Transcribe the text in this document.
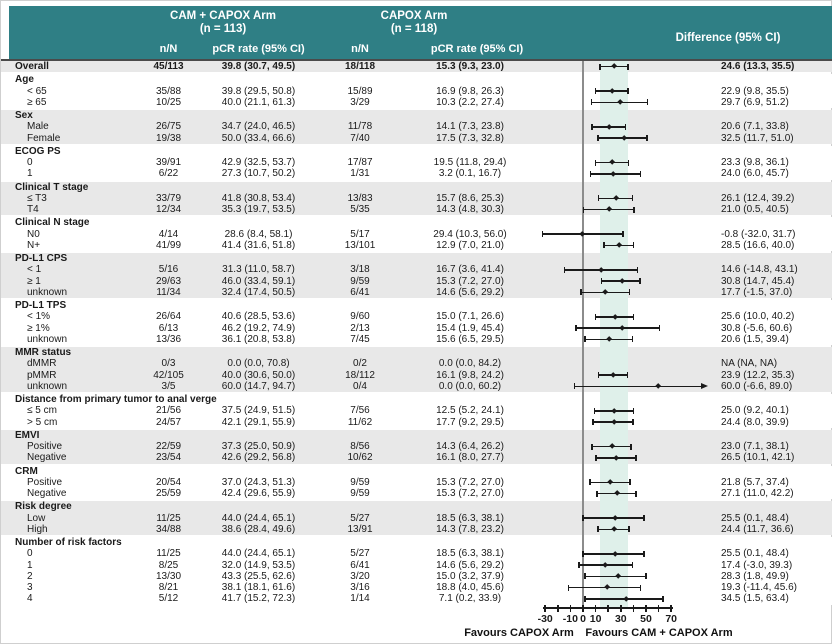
CAM + CAPOX Arm
(n = 113)
CAPOX Arm
(n = 118)
Difference (95% CI)
n/N	pCR rate (95% CI)	n/N	pCR rate (95% CI)
Overall	45/113	39.8 (30.7, 49.5)	18/118	15.3 (9.3, 23.0)	24.6 (13.3, 35.5)
Age
< 65	35/88	39.8 (29.5, 50.8)	15/89	16.9 (9.8, 26.3)	22.9 (9.8, 35.5)
≥ 65	10/25	40.0 (21.1, 61.3)	3/29	10.3 (2.2, 27.4)	29.7 (6.9, 51.2)
Sex
Male	26/75	34.7 (24.0, 46.5)	11/78	14.1 (7.3, 23.8)	20.6 (7.1, 33.8)
Female	19/38	50.0 (33.4, 66.6)	7/40	17.5 (7.3, 32.8)	32.5 (11.7, 51.0)
ECOG PS
0	39/91	42.9 (32.5, 53.7)	17/87	19.5 (11.8, 29.4)	23.3 (9.8, 36.1)
1	6/22	27.3 (10.7, 50.2)	1/31	3.2 (0.1, 16.7)	24.0 (6.0, 45.7)
Clinical T stage
≤ T3	33/79	41.8 (30.8, 53.4)	13/83	15.7 (8.6, 25.3)	26.1 (12.4, 39.2)
T4	12/34	35.3 (19.7, 53.5)	5/35	14.3 (4.8, 30.3)	21.0 (0.5, 40.5)
Clinical N stage
N0	4/14	28.6 (8.4, 58.1)	5/17	29.4 (10.3, 56.0)	-0.8 (-32.0, 31.7)
N+	41/99	41.4 (31.6, 51.8)	13/101	12.9 (7.0, 21.0)	28.5 (16.6, 40.0)
PD-L1 CPS
< 1	5/16	31.3 (11.0, 58.7)	3/18	16.7 (3.6, 41.4)	14.6 (-14.8, 43.1)
≥ 1	29/63	46.0 (33.4, 59.1)	9/59	15.3 (7.2, 27.0)	30.8 (14.7, 45.4)
unknown	11/34	32.4 (17.4, 50.5)	6/41	14.6 (5.6, 29.2)	17.7 (-1.5, 37.0)
PD-L1 TPS
< 1%	26/64	40.6 (28.5, 53.6)	9/60	15.0 (7.1, 26.6)	25.6 (10.0, 40.2)
≥ 1%	6/13	46.2 (19.2, 74.9)	2/13	15.4 (1.9, 45.4)	30.8 (-5.6, 60.6)
unknown	13/36	36.1 (20.8, 53.8)	7/45	15.6 (6.5, 29.5)	20.6 (1.5, 39.4)
MMR status
dMMR	0/3	0.0 (0.0, 70.8)	0/2	0.0 (0.0, 84.2)	NA (NA, NA)
pMMR	42/105	40.0 (30.6, 50.0)	18/112	16.1 (9.8, 24.2)	23.9 (12.2, 35.3)
unknown	3/5	60.0 (14.7, 94.7)	0/4	0.0 (0.0, 60.2)	60.0 (-6.6, 89.0)
Distance from primary tumor to anal verge
≤ 5 cm	21/56	37.5 (24.9, 51.5)	7/56	12.5 (5.2, 24.1)	25.0 (9.2, 40.1)
> 5 cm	24/57	42.1 (29.1, 55.9)	11/62	17.7 (9.2, 29.5)	24.4 (8.0, 39.9)
EMVI
Positive	22/59	37.3 (25.0, 50.9)	8/56	14.3 (6.4, 26.2)	23.0 (7.1, 38.1)
Negative	23/54	42.6 (29.2, 56.8)	10/62	16.1 (8.0, 27.7)	26.5 (10.1, 42.1)
CRM
Positive	20/54	37.0 (24.3, 51.3)	9/59	15.3 (7.2, 27.0)	21.8 (5.7, 37.4)
Negative	25/59	42.4 (29.6, 55.9)	9/59	15.3 (7.2, 27.0)	27.1 (11.0, 42.2)
Risk degree
Low	11/25	44.0 (24.4, 65.1)	5/27	18.5 (6.3, 38.1)	25.5 (0.1, 48.4)
High	34/88	38.6 (28.4, 49.6)	13/91	14.3 (7.8, 23.2)	24.4 (11.7, 36.6)
Number of risk factors
0	11/25	44.0 (24.4, 65.1)	5/27	18.5 (6.3, 38.1)	25.5 (0.1, 48.4)
1	8/25	32.0 (14.9, 53.5)	6/41	14.6 (5.6, 29.2)	17.4 (-3.0, 39.3)
2	13/30	43.3 (25.5, 62.6)	3/20	15.0 (3.2, 37.9)	28.3 (1.8, 49.9)
3	8/21	38.1 (18.1, 61.6)	3/16	18.8 (4.0, 45.6)	19.3 (-11.4, 45.6)
4	5/12	41.7 (15.2, 72.3)	1/14	7.1 (0.2, 33.9)	34.5 (1.5, 63.4)
-30 -10 0 10 30 50 70
Favours CAPOX Arm Favours CAM + CAPOX Arm
